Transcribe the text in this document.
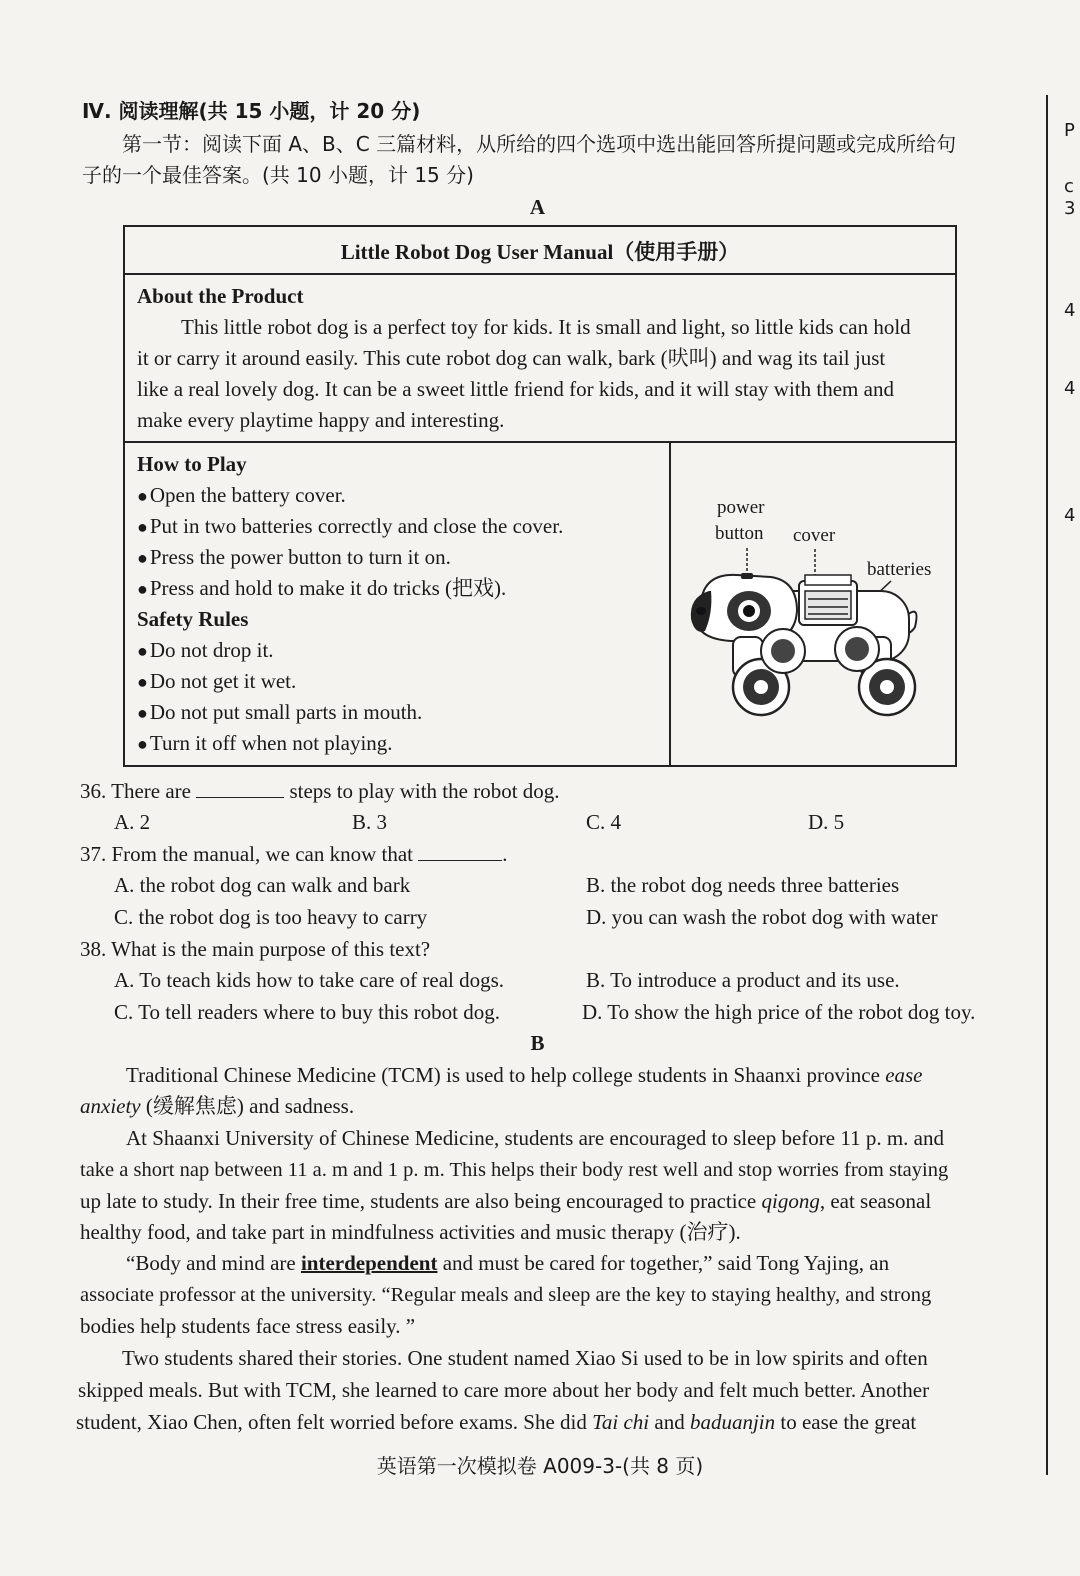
P
c
3
4
4
4
Ⅳ. 阅读理解(共 15 小题，计 20 分)
第一节：阅读下面 A、B、C 三篇材料，从所给的四个选项中选出能回答所提问题或完成所给句
子的一个最佳答案。(共 10 小题，计 15 分)
A
Little Robot Dog User Manual（使用手册）
About the Product
This little robot dog is a perfect toy for kids. It is small and light, so little kids can hold
it or carry it around easily. This cute robot dog can walk, bark (吠叫) and wag its tail just
like a real lovely dog. It can be a sweet little friend for kids, and it will stay with them and
make every playtime happy and interesting.
How to Play
●Open the battery cover.
●Put in two batteries correctly and close the cover.
●Press the power button to turn it on.
●Press and hold to make it do tricks (把戏).
Safety Rules
●Do not drop it.
●Do not get it wet.
●Do not put small parts in mouth.
●Turn it off when not playing.
power
button cover
batteries
36. There are	steps to play with the robot dog.
A. 2	B. 3	C. 4	D. 5
37. From the manual, we can know that	.
A. the robot dog can walk and bark	B. the robot dog needs three batteries
C. the robot dog is too heavy to carry	D. you can wash the robot dog with water
38. What is the main purpose of this text?
A. To teach kids how to take care of real dogs.	B. To introduce a product and its use.
C. To tell readers where to buy this robot dog.	D. To show the high price of the robot dog toy.
B
Traditional Chinese Medicine (TCM) is used to help college students in Shaanxi province ease
anxiety (缓解焦虑) and sadness.
At Shaanxi University of Chinese Medicine, students are encouraged to sleep before 11 p. m. and
take a short nap between 11 a. m and 1 p. m. This helps their body rest well and stop worries from staying
up late to study. In their free time, students are also being encouraged to practice qigong, eat seasonal
healthy food, and take part in mindfulness activities and music therapy (治疗).
“Body and mind are interdependent and must be cared for together,” said Tong Yajing, an
associate professor at the university. “Regular meals and sleep are the key to staying healthy, and strong
bodies help students face stress easily. ”
Two students shared their stories. One student named Xiao Si used to be in low spirits and often
skipped meals. But with TCM, she learned to care more about her body and felt much better. Another
student, Xiao Chen, often felt worried before exams. She did Tai chi and baduanjin to ease the great
英语第一次模拟卷 A009-3-(共 8 页)
